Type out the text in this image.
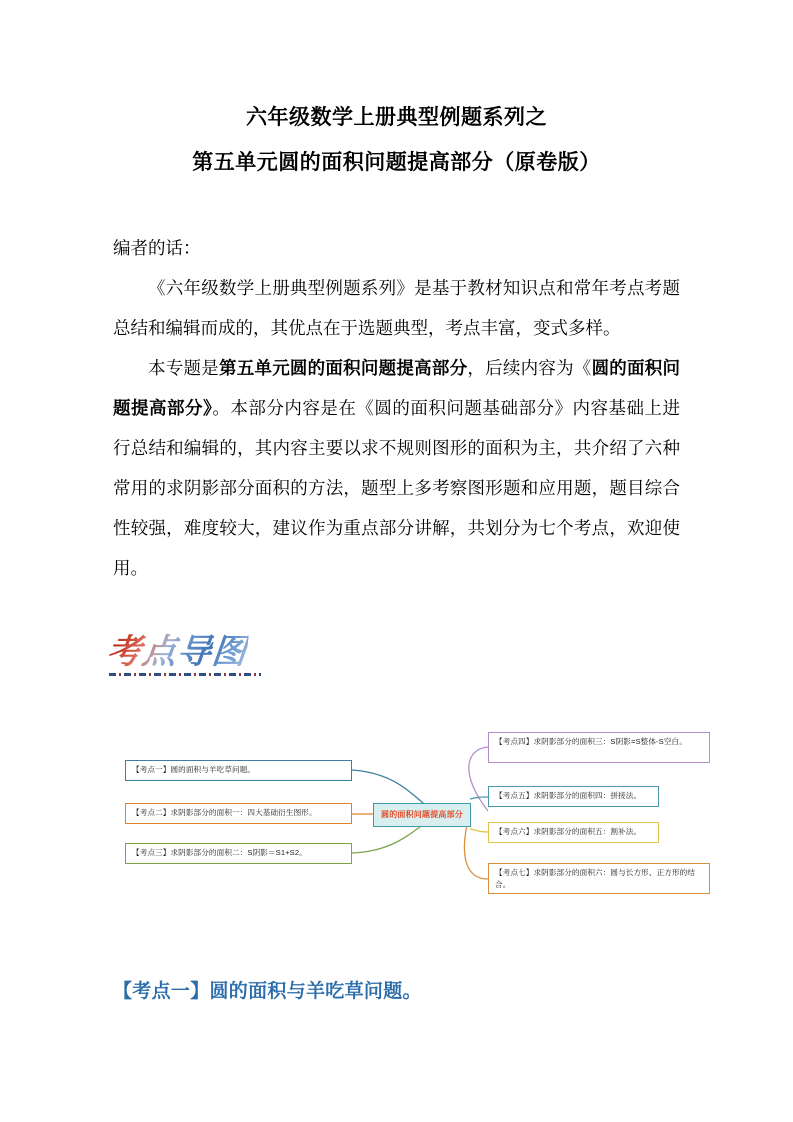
六年级数学上册典型例题系列之
第五单元圆的面积问题提高部分（原卷版）

编者的话：

《六年级数学上册典型例题系列》是基于教材知识点和常年考点考题总结和编辑而成的，其优点在于选题典型，考点丰富，变式多样。

本专题是第五单元圆的面积问题提高部分，后续内容为《圆的面积问题提高部分》。本部分内容是在《圆的面积问题基础部分》内容基础上进行总结和编辑的，其内容主要以求不规则图形的面积为主，共介绍了六种常用的求阴影部分面积的方法，题型上多考察图形题和应用题，题目综合性较强，难度较大，建议作为重点部分讲解，共划分为七个考点，欢迎使用。

考点导图
圆的面积问题提高部分
【考点一】圆的面积与羊吃草问题。
【考点二】求阴影部分的面积一：四大基础衍生图形。
【考点三】求阴影部分的面积二：S阴影＝S1+S2。
【考点四】求阴影部分的面积三：S阴影=S整体-S空白。
【考点五】求阴影部分的面积四：拼接法。
【考点六】求阴影部分的面积五：割补法。
【考点七】求阴影部分的面积六：圆与长方形、正方形的结合。
【考点一】圆的面积与羊吃草问题。
